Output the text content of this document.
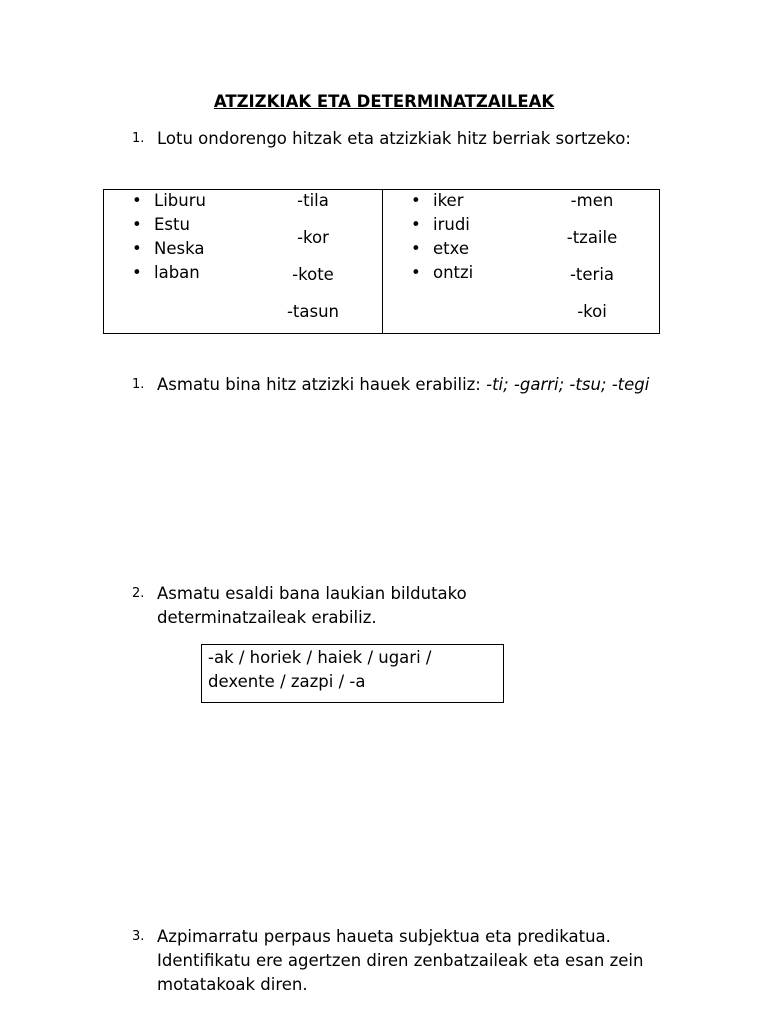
ATZIZKIAK ETA DETERMINATZAILEAK
1. Lotu ondorengo hitzak eta atzizkiak hitz berriak sortzeko:
• Liburu
• Estu
• Neska
• laban
-tila
-kor
-kote
-tasun
• iker
• irudi
• etxe
• ontzi
-men
-tzaile
-teria
-koi
1. Asmatu bina hitz atzizki hauek erabiliz: -ti; -garri; -tsu; -tegi
2. Asmatu esaldi bana laukian bildutako determinatzaileak erabiliz.
-ak / horiek / haiek / ugari /
dexente / zazpi / -a
3. Azpimarratu perpaus haueta subjektua eta predikatua. Identifikatu ere agertzen diren zenbatzaileak eta esan zein motatakoak diren.
